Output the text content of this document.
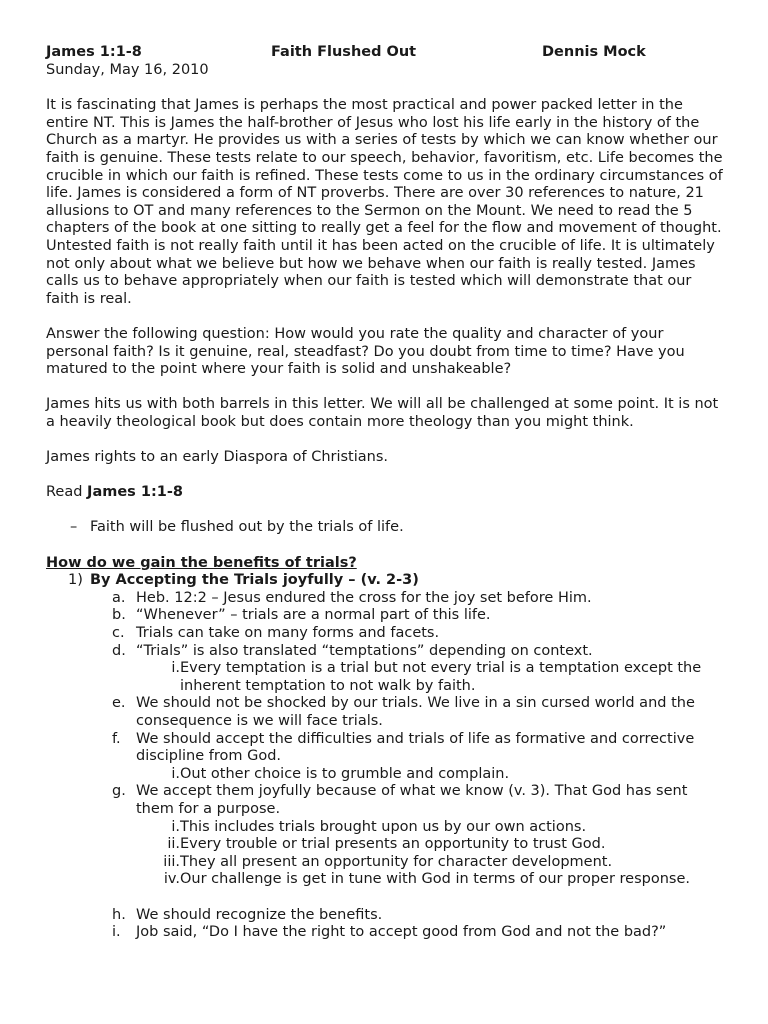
James 1:1-8	Faith Flushed Out	Dennis Mock

Sunday, May 16, 2010

It is fascinating that James is perhaps the most practical and power packed letter in the entire NT. This is James the half-brother of Jesus who lost his life early in the history of the Church as a martyr. He provides us with a series of tests by which we can know whether our faith is genuine. These tests relate to our speech, behavior, favoritism, etc. Life becomes the crucible in which our faith is refined. These tests come to us in the ordinary circumstances of life. James is considered a form of NT proverbs. There are over 30 references to nature, 21 allusions to OT and many references to the Sermon on the Mount. We need to read the 5 chapters of the book at one sitting to really get a feel for the flow and movement of thought. Untested faith is not really faith until it has been acted on the crucible of life. It is ultimately not only about what we believe but how we behave when our faith is really tested. James calls us to behave appropriately when our faith is tested which will demonstrate that our faith is real.

Answer the following question: How would you rate the quality and character of your personal faith? Is it genuine, real, steadfast? Do you doubt from time to time? Have you matured to the point where your faith is solid and unshakeable?

James hits us with both barrels in this letter. We will all be challenged at some point. It is not a heavily theological book but does contain more theology than you might think.

James rights to an early Diaspora of Christians.

Read James 1:1-8

– Faith will be flushed out by the trials of life.
How do we gain the benefits of trials?
1) By Accepting the Trials joyfully – (v. 2-3)
a. Heb. 12:2 – Jesus endured the cross for the joy set before Him.
b. “Whenever” – trials are a normal part of this life.
c. Trials can take on many forms and facets.
d. “Trials” is also translated “temptations” depending on context.
i. Every temptation is a trial but not every trial is a temptation except the inherent temptation to not walk by faith.
e. We should not be shocked by our trials. We live in a sin cursed world and the consequence is we will face trials.
f. We should accept the difficulties and trials of life as formative and corrective discipline from God.
i. Out other choice is to grumble and complain.
g. We accept them joyfully because of what we know (v. 3). That God has sent them for a purpose.
i. This includes trials brought upon us by our own actions.
ii. Every trouble or trial presents an opportunity to trust God.
iii. They all present an opportunity for character development.
iv. Our challenge is get in tune with God in terms of our proper response.
h. We should recognize the benefits.
i. Job said, “Do I have the right to accept good from God and not the bad?”
